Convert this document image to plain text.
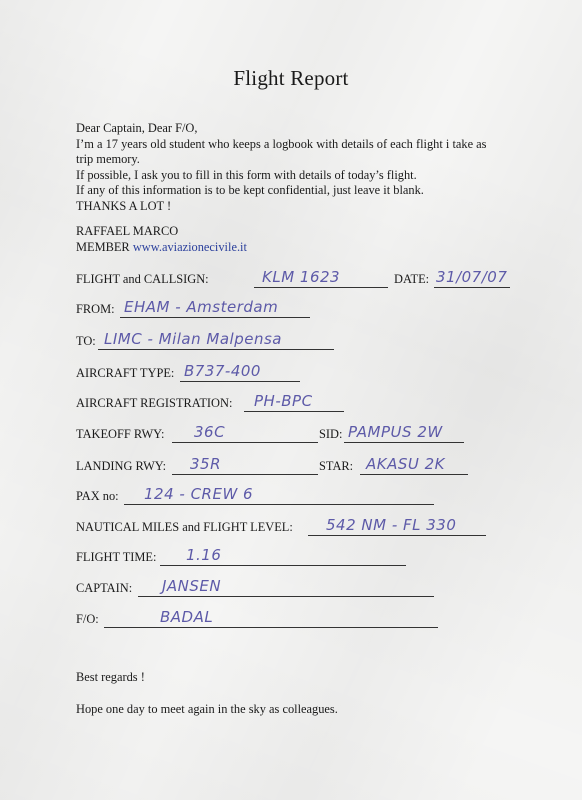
Flight Report
Dear Captain, Dear F/O,
I’m a 17 years old student who keeps a logbook with details of each flight i take as
trip memory.
If possible, I ask you to fill in this form with details of today’s flight.
If any of this information is to be kept confidential, just leave it blank.
THANKS A LOT !
RAFFAEL MARCO
MEMBER www.aviazionecivile.it
FLIGHT and CALLSIGN:	KLM 1623	DATE: 31/07/07
FROM: EHAM - Amsterdam
TO: LIMC - Milan Malpensa
AIRCRAFT TYPE: B737-400
AIRCRAFT REGISTRATION: PH-BPC
TAKEOFF RWY: 36C	SID: PAMPUS 2W
LANDING RWY: 35R	STAR: AKASU 2K
PAX no: 124 - CREW 6
NAUTICAL MILES and FLIGHT LEVEL: 542 NM - FL 330
FLIGHT TIME: 1.16
CAPTAIN: JANSEN
F/O:	BADAL
Best regards !
Hope one day to meet again in the sky as colleagues.
